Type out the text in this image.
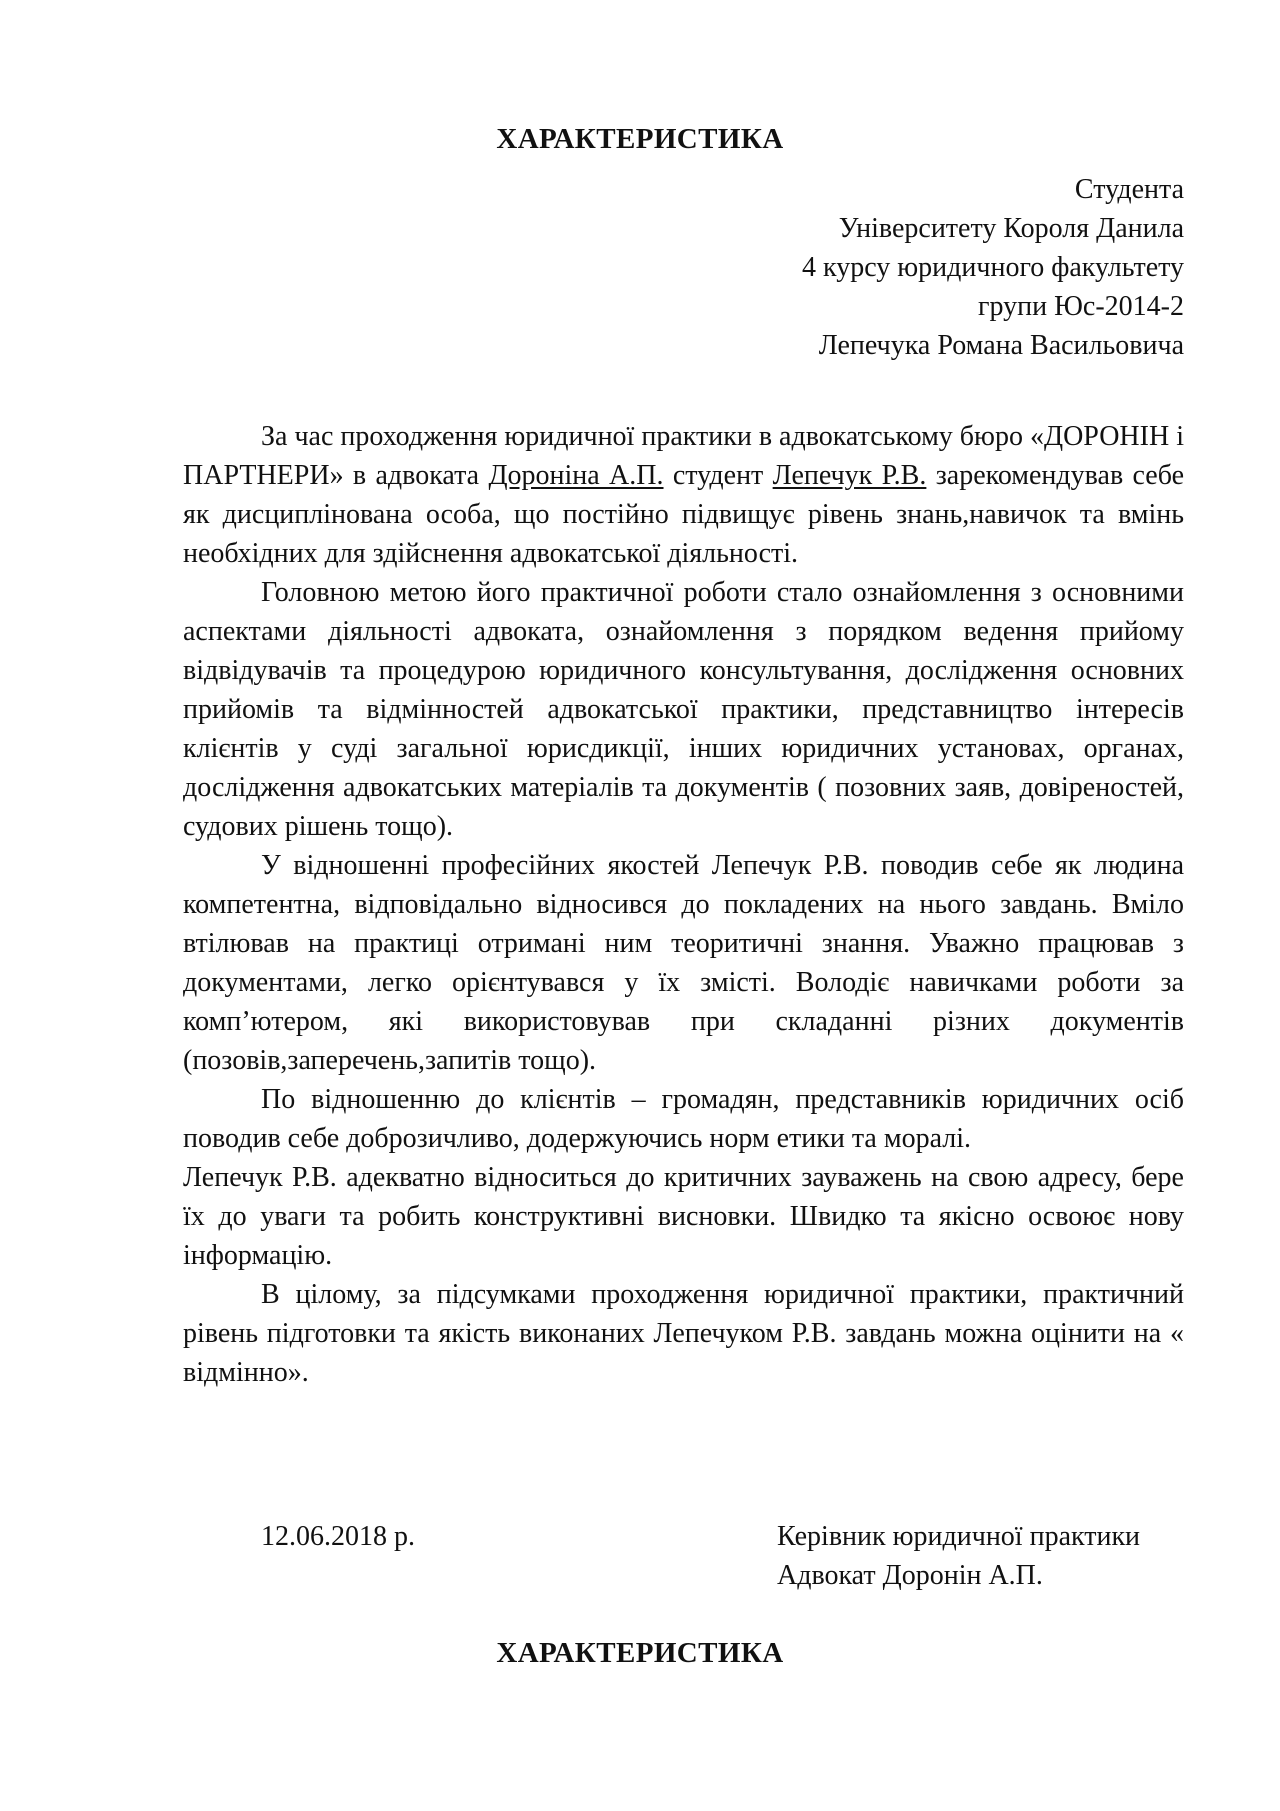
ХАРАКТЕРИСТИКА
Студента
Університету Короля Данила
4 курсу юридичного факультету
групи Юс-2014-2
Лепечука Романа Васильовича

За час проходження юридичної практики в адвокатському бюро «ДОРОНІН і ПАРТНЕРИ» в адвоката Дороніна А.П. студент Лепечук Р.В. зарекомендував себе як дисциплінована особа, що постійно підвищує рівень знань,навичок та вмінь необхідних для здійснення адвокатської діяльності.

Головною метою його практичної роботи стало ознайомлення з основними аспектами діяльності адвоката, ознайомлення з порядком ведення прийому відвідувачів та процедурою юридичного консультування, дослідження основних прийомів та відмінностей адвокатської практики, представництво інтересів клієнтів у суді загальної юрисдикції, інших юридичних установах, органах, дослідження адвокатських матеріалів та документів ( позовних заяв, довіреностей, судових рішень тощо).

У відношенні професійних якостей Лепечук Р.В. поводив себе як людина компетентна, відповідально відносився до покладених на нього завдань. Вміло втілював на практиці отримані ним теоритичні знання. Уважно працював з документами, легко орієнтувався у їх змісті. Володіє навичками роботи за комп’ютером, які використовував при складанні різних документів (позовів,заперечень,запитів тощо).

По відношенню до клієнтів – громадян, представників юридичних осіб поводив себе доброзичливо, додержуючись норм етики та моралі.

Лепечук Р.В. адекватно відноситься до критичних зауважень на свою адресу, бере їх до уваги та робить конструктивні висновки. Швидко та якісно освоює нову інформацію.

В цілому, за підсумками проходження юридичної практики, практичний рівень підготовки та якість виконаних Лепечуком Р.В. завдань можна оцінити на « відмінно».

12.06.2018 р.	Керівник юридичної практики
Адвокат Доронін А.П.
ХАРАКТЕРИСТИКА
